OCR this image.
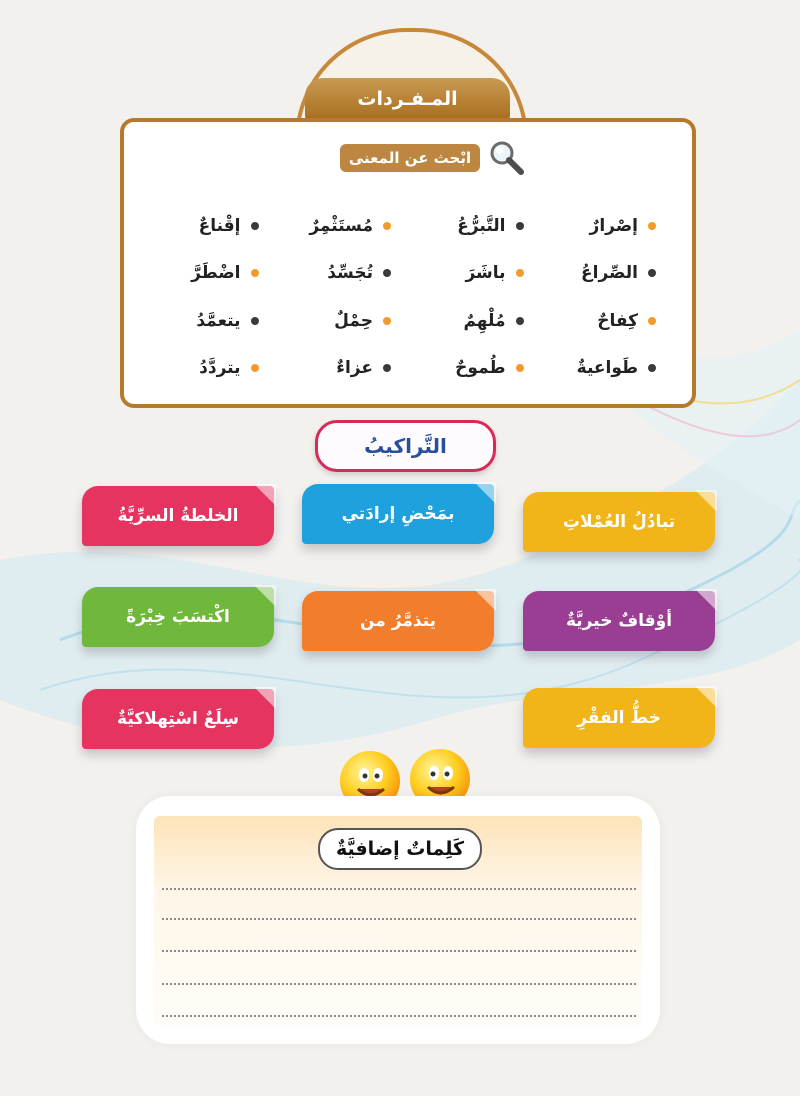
المـفـردات
ابْحث عن المعنى
إصْرارٌ
التَّبرُّعُ
مُستَثْمِرٌ
إقْناعٌ
الصِّراعُ
باشَرَ
تُجَسِّدُ
اضْطَرَّ
كِفاحٌ
مُلْهِمٌ
حِمْلٌ
يتعمَّدُ
طَواعيةٌ
طُموحٌ
عزاءٌ
يتردَّدُ
التَّراكيبُ
تبادُلُ العُمْلاتِ
بمَحْضِ إرادَتي
الخلطةُ السرِّيَّةُ
أوْقافٌ خيريَّةٌ
يتذمَّرُ من
اكْتسَبَ خِبْرَةً
خطُّ الفقْرِ
سِلَعٌ اسْتِهلاكيَّةٌ
كَلِماتٌ إضافيَّةٌ
